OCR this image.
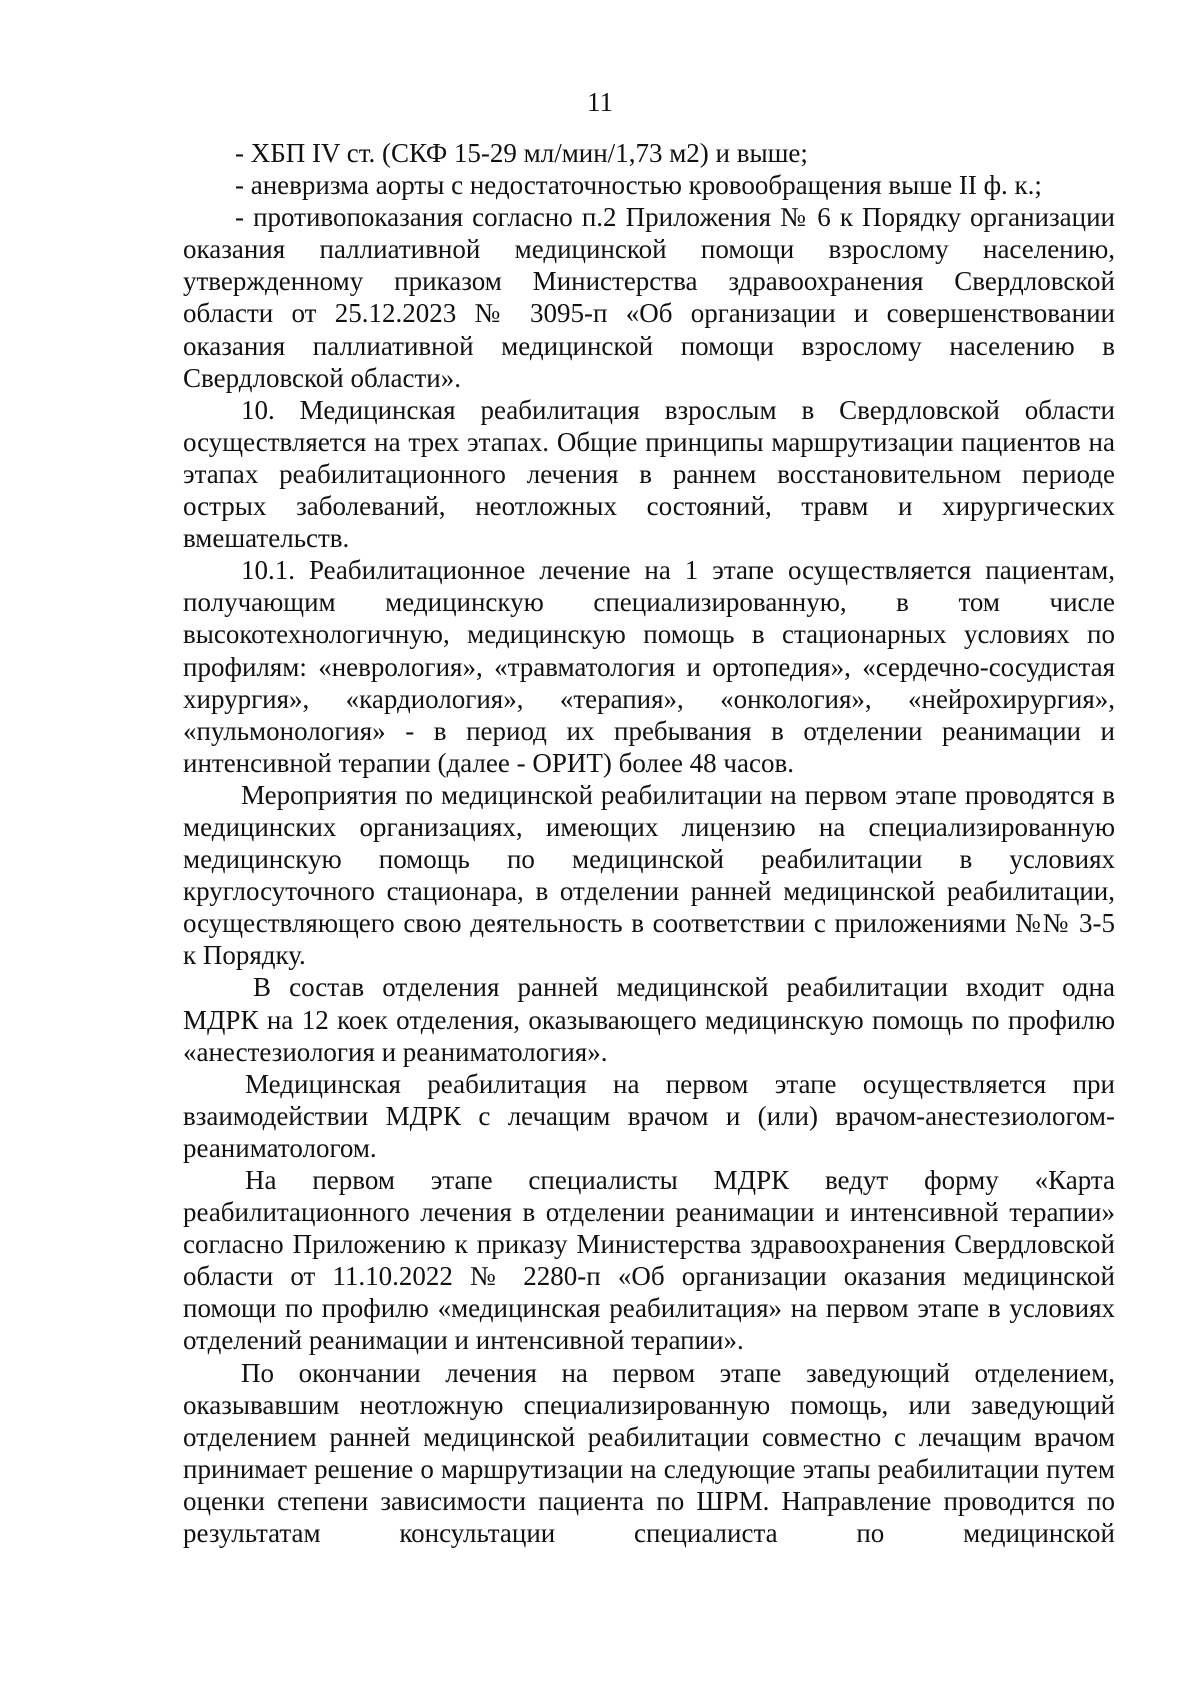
11

- ХБП IV ст. (СКФ 15-29 мл/мин/1,73 м2) и выше;

- аневризма аорты с недостаточностью кровообращения выше II ф. к.;

- противопоказания согласно п.2 Приложения № 6 к Порядку организации оказания паллиативной медицинской помощи взрослому населению, утвержденному приказом Министерства здравоохранения Свердловской области от 25.12.2023 № 3095-п «Об организации и совершенствовании оказания паллиативной медицинской помощи взрослому населению в Свердловской области».

10. Медицинская реабилитация взрослым в Свердловской области осуществляется на трех этапах. Общие принципы маршрутизации пациентов на этапах реабилитационного лечения в раннем восстановительном периоде острых заболеваний, неотложных состояний, травм и хирургических вмешательств.

10.1. Реабилитационное лечение на 1 этапе осуществляется пациентам, получающим медицинскую специализированную, в том числе высокотехнологичную, медицинскую помощь в стационарных условиях по профилям: «неврология», «травматология и ортопедия», «сердечно-сосудистая хирургия», «кардиология», «терапия», «онкология», «нейрохирургия», «пульмонология» - в период их пребывания в отделении реанимации и интенсивной терапии (далее - ОРИТ) более 48 часов.

Мероприятия по медицинской реабилитации на первом этапе проводятся в медицинских организациях, имеющих лицензию на специализированную медицинскую помощь по медицинской реабилитации в условиях круглосуточного стационара, в отделении ранней медицинской реабилитации, осуществляющего свою деятельность в соответствии с приложениями №№ 3-5 к Порядку.

В состав отделения ранней медицинской реабилитации входит одна МДРК на 12 коек отделения, оказывающего медицинскую помощь по профилю «анестезиология и реаниматология».

Медицинская реабилитация на первом этапе осуществляется при взаимодействии МДРК с лечащим врачом и (или) врачом-анестезиологом-реаниматологом.

На первом этапе специалисты МДРК ведут форму «Карта реабилитационного лечения в отделении реанимации и интенсивной терапии» согласно Приложению к приказу Министерства здравоохранения Свердловской области от 11.10.2022 № 2280-п «Об организации оказания медицинской помощи по профилю «медицинская реабилитация» на первом этапе в условиях отделений реанимации и интенсивной терапии».

По окончании лечения на первом этапе заведующий отделением, оказывавшим неотложную специализированную помощь, или заведующий отделением ранней медицинской реабилитации совместно с лечащим врачом принимает решение о маршрутизации на следующие этапы реабилитации путем оценки степени зависимости пациента по ШРМ. Направление проводится по результатам консультации специалиста по медицинской
